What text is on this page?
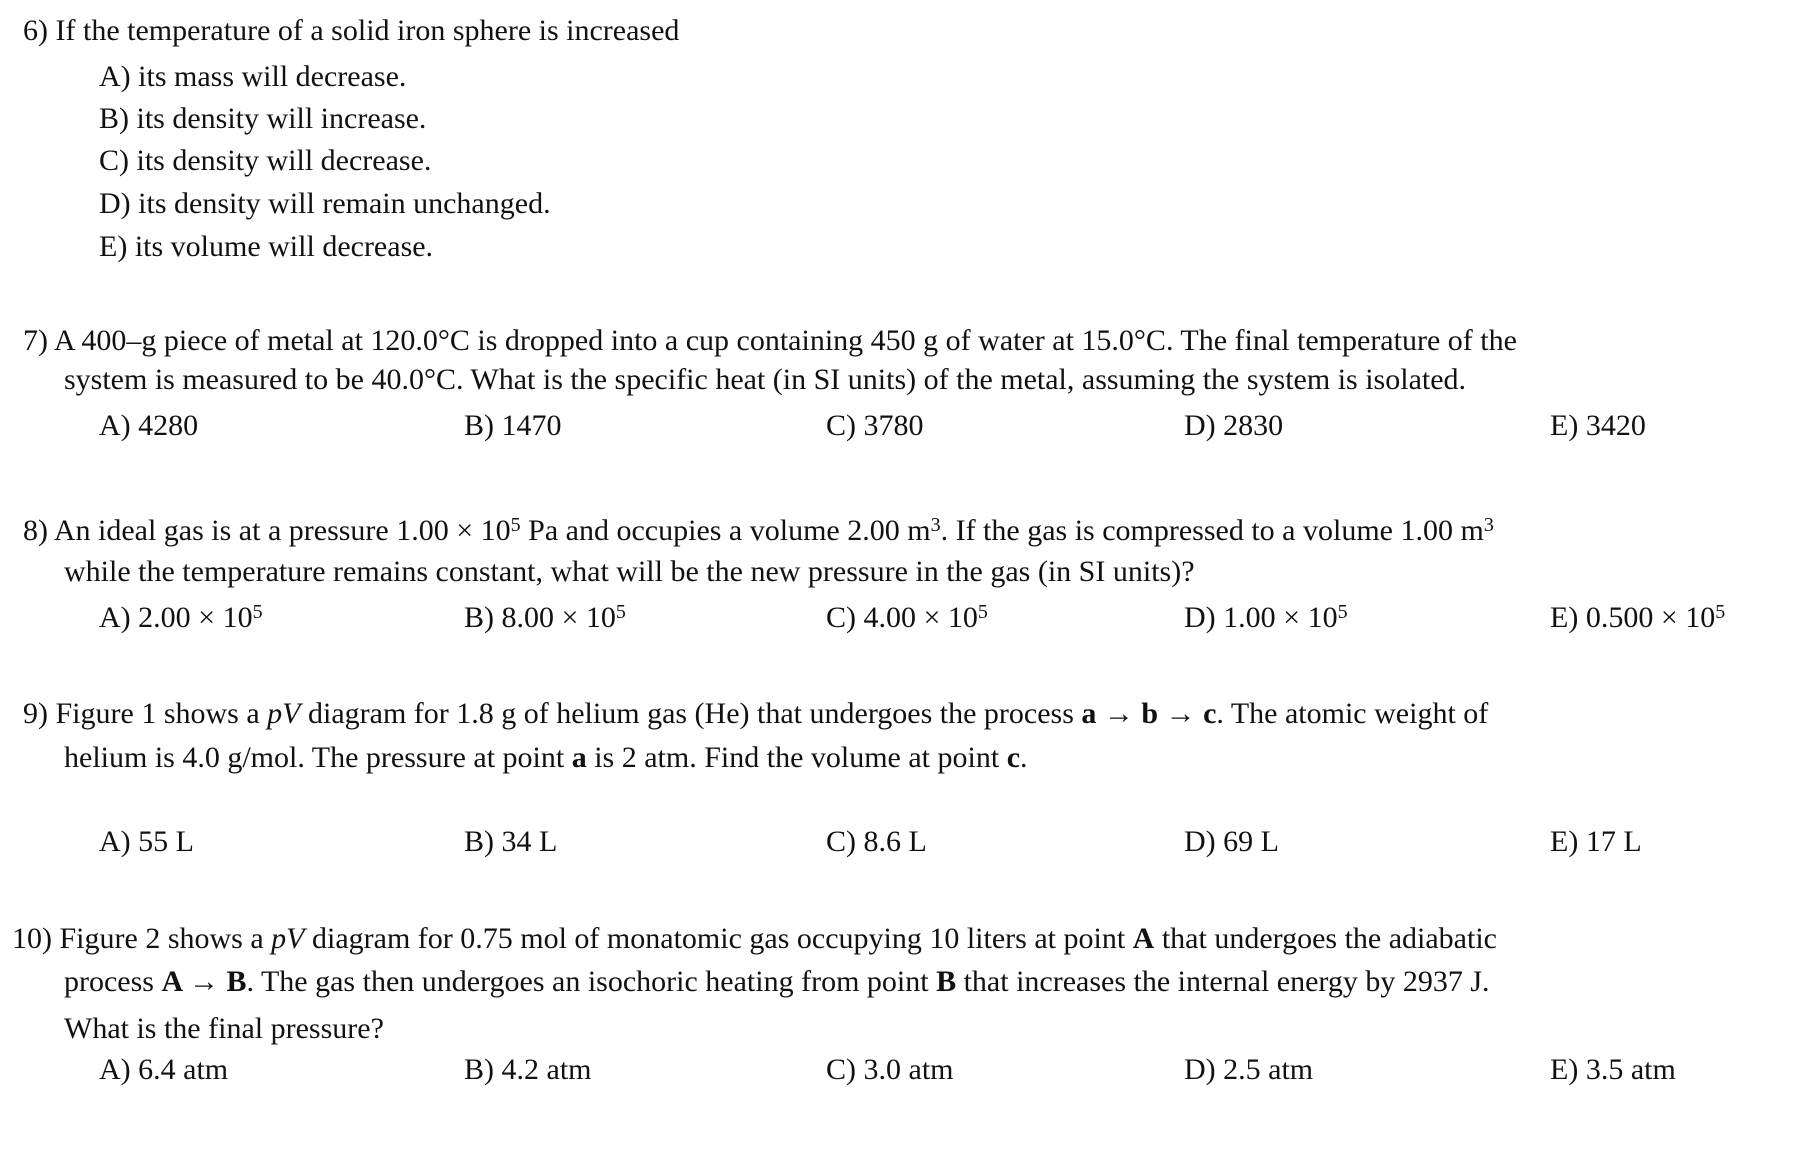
6) If the temperature of a solid iron sphere is increased
A) its mass will decrease.
B) its density will increase.
C) its density will decrease.
D) its density will remain unchanged.
E) its volume will decrease.
7) A 400–g piece of metal at 120.0°C is dropped into a cup containing 450 g of water at 15.0°C. The final temperature of the
system is measured to be 40.0°C. What is the specific heat (in SI units) of the metal, assuming the system is isolated.
A) 4280	B) 1470	C) 3780	D) 2830	E) 3420
8) An ideal gas is at a pressure $1.00 \times 10^5$ Pa and occupies a volume 2.00 $m^3$. If the gas is compressed to a volume 1.00 $m^3$
while the temperature remains constant, what will be the new pressure in the gas (in SI units)?
A) $2.00 \times 10^5$	B) $8.00 \times 10^5$	C) $4.00 \times 10^5$	D) $1.00 \times 10^5$	E) $0.500 \times 10^5$
9) Figure 1 shows a pV diagram for 1.8 g of helium gas (He) that undergoes the process a → b → c. The atomic weight of
helium is 4.0 g/mol. The pressure at point a is 2 atm. Find the volume at point c.
A) 55 L	B) 34 L	C) 8.6 L	D) 69 L	E) 17 L
10) Figure 2 shows a pV diagram for 0.75 mol of monatomic gas occupying 10 liters at point A that undergoes the adiabatic
process A → B. The gas then undergoes an isochoric heating from point B that increases the internal energy by 2937 J.
What is the final pressure?
A) 6.4 atm	B) 4.2 atm	C) 3.0 atm	D) 2.5 atm	E) 3.5 atm
